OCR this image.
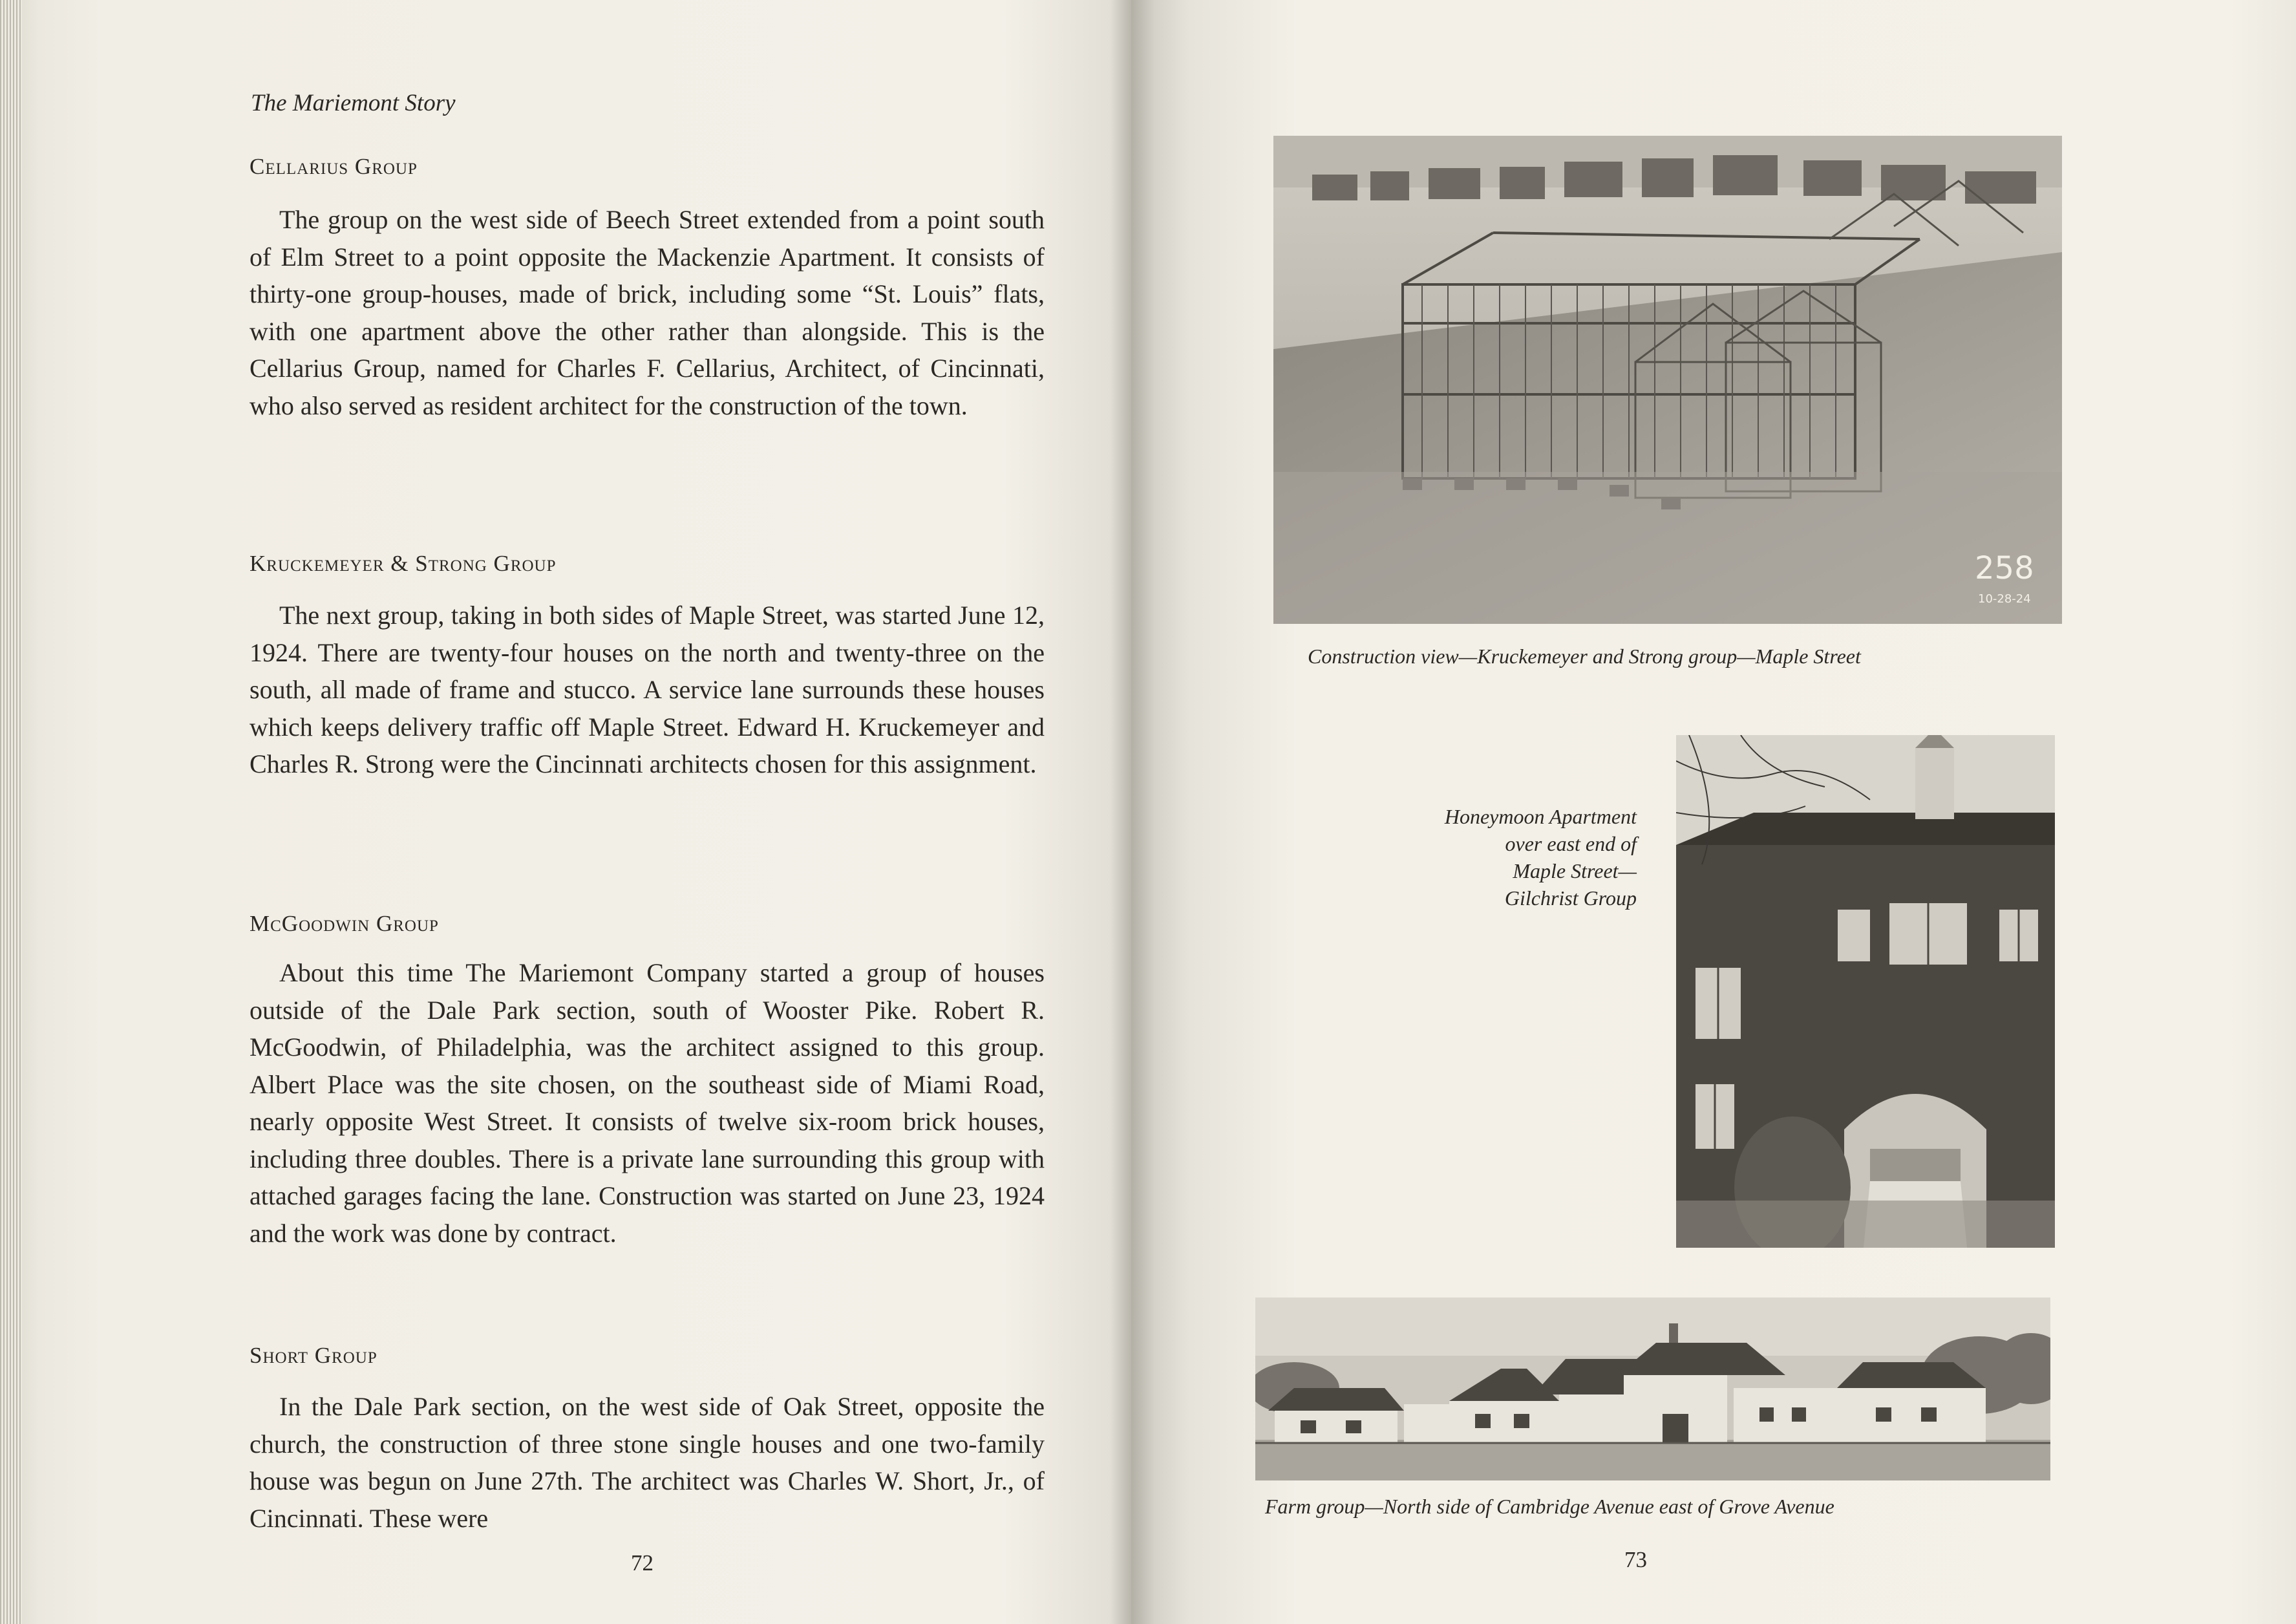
The Mariemont Story
Cellarius Group

The group on the west side of Beech Street extended from a point south of Elm Street to a point opposite the Mackenzie Apartment. It consists of thirty-one group-houses, made of brick, including some “St. Louis” flats, with one apartment above the other rather than alongside. This is the Cellarius Group, named for Charles F. Cellarius, Architect, of Cincinnati, who also served as resident architect for the construction of the town.

Kruckemeyer & Strong Group

The next group, taking in both sides of Maple Street, was started June 12, 1924. There are twenty-four houses on the north and twenty-three on the south, all made of frame and stucco. A service lane surrounds these houses which keeps delivery traffic off Maple Street. Edward H. Kruckemeyer and Charles R. Strong were the Cincinnati architects chosen for this assignment.

McGoodwin Group

About this time The Mariemont Company started a group of houses outside of the Dale Park section, south of Wooster Pike. Robert R. McGoodwin, of Philadelphia, was the architect assigned to this group. Albert Place was the site chosen, on the southeast side of Miami Road, nearly opposite West Street. It consists of twelve six-room brick houses, including three doubles. There is a private lane surrounding this group with attached garages facing the lane. Construction was started on June 23, 1924 and the work was done by contract.

Short Group

In the Dale Park section, on the west side of Oak Street, opposite the church, the construction of three stone single houses and one two-family house was begun on June 27th. The architect was Charles W. Short, Jr., of Cincinnati. These were

72
258
10-28-24
Construction view—Kruckemeyer and Strong group—Maple Street
Honeymoon Apartment
over east end of
Maple Street—
Gilchrist Group
Farm group—North side of Cambridge Avenue east of Grove Avenue
73
